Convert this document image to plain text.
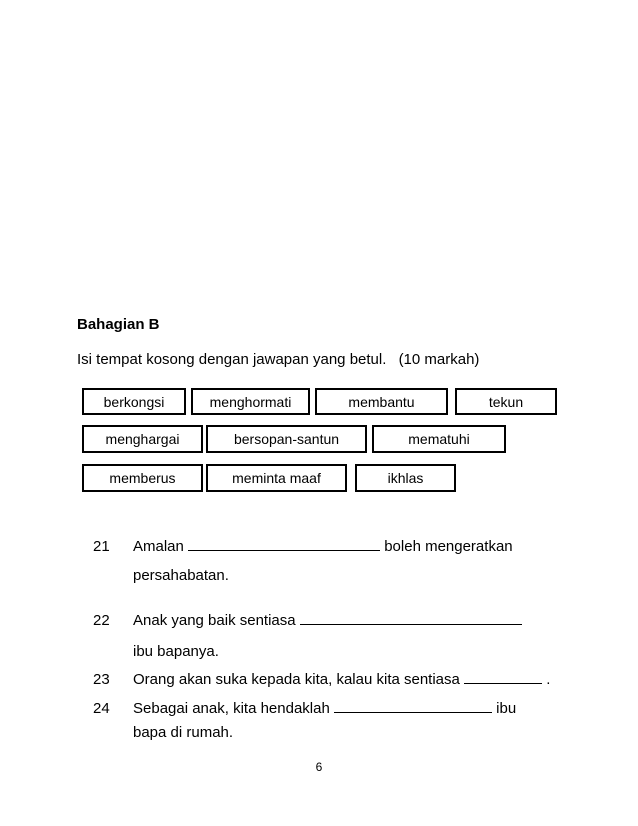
Bahagian B
Isi tempat kosong dengan jawapan yang betul. (10 markah)
berkongsi	menghormati	membantu	tekun
menghargai	bersopan-santun	mematuhi
memberus	meminta maaf	ikhlas
21 Amalan	boleh mengeratkan
persahabatan.
22 Anak yang baik sentiasa
ibu bapanya.
23 Orang akan suka kepada kita, kalau kita sentiasa	.
24 Sebagai anak, kita hendaklah	ibu
bapa di rumah.
6
